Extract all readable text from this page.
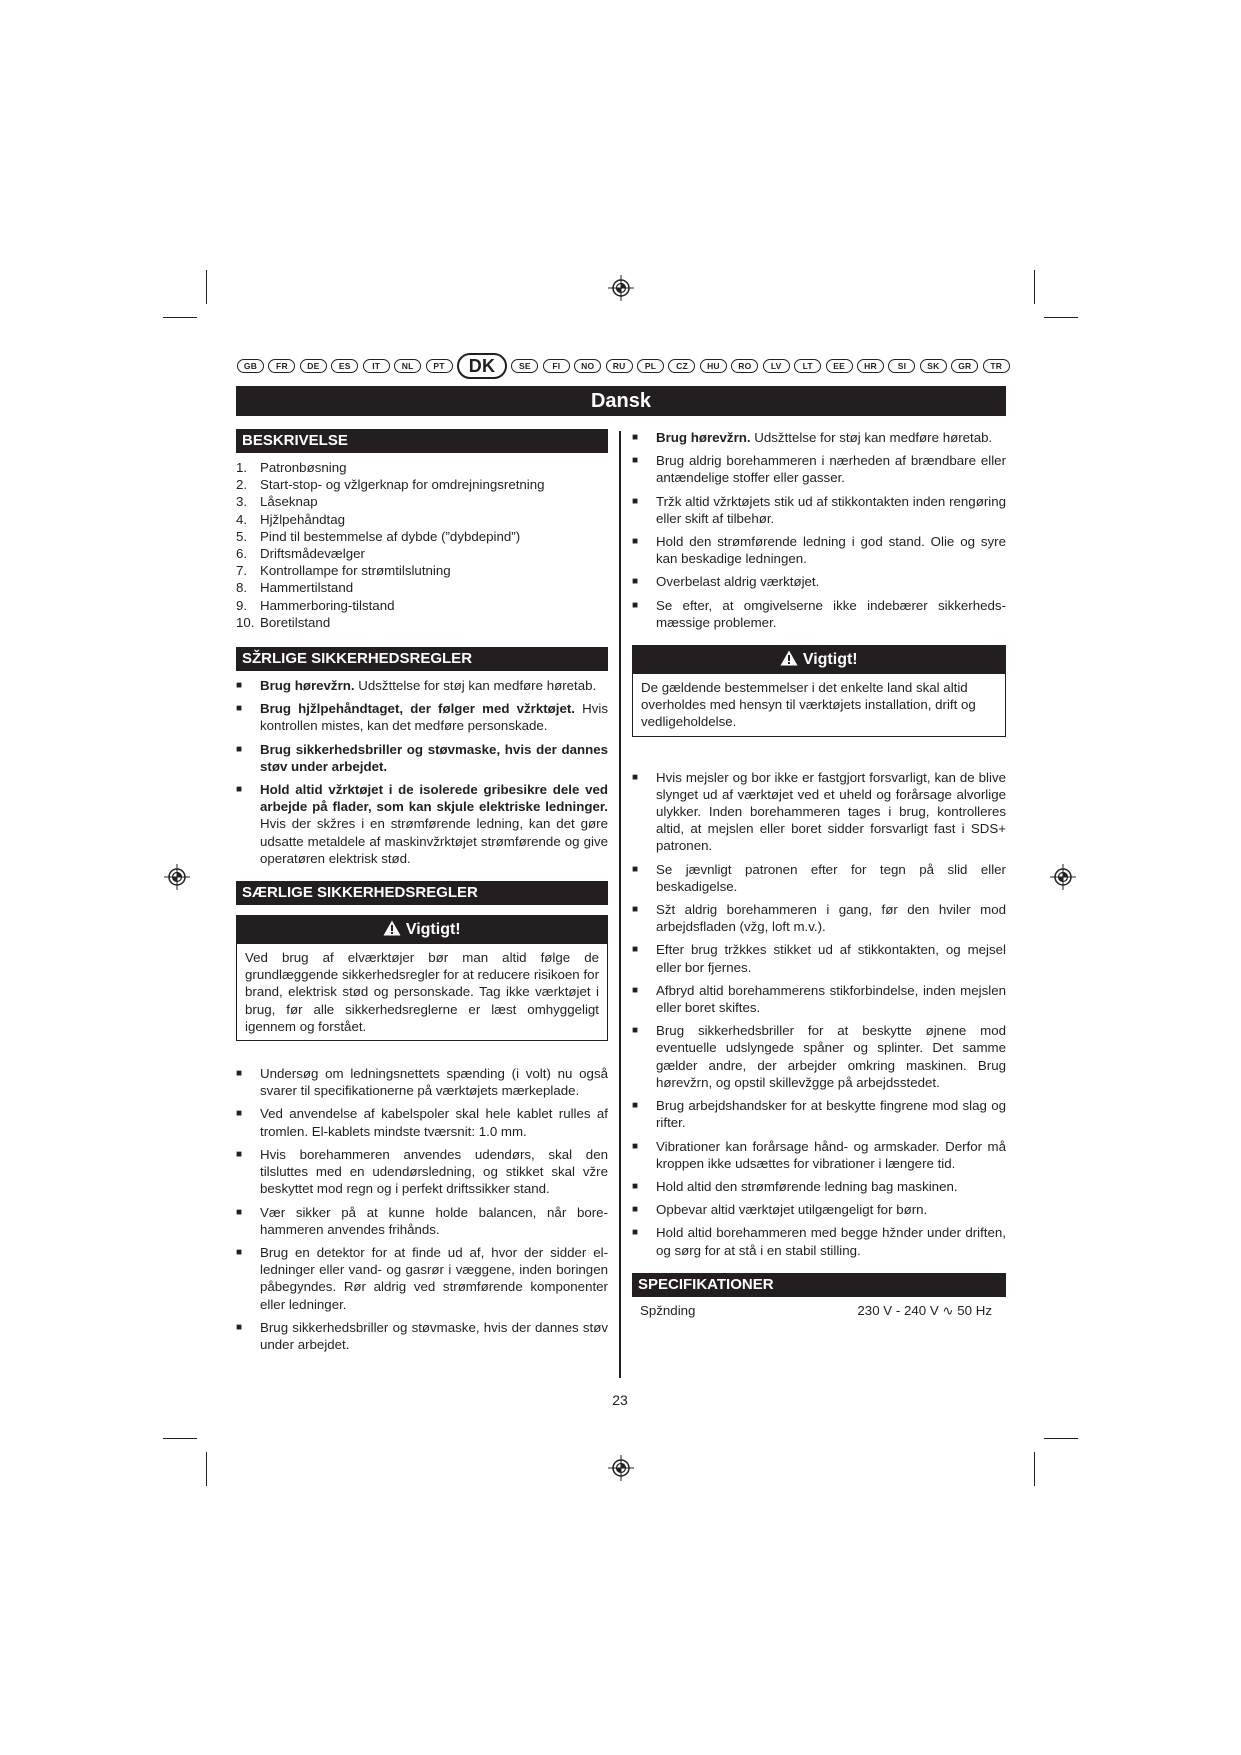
GB	FR	DE	ES	IT	NL	PT	DK	SE	FI	NO	RU	PL	CZ	HU	RO	LV	LT	EE	HR	SI	SK	GR	TR
Dansk
BESKRIVELSE
1. Patronbøsning
2. Start-stop- og vžlgerknap for omdrejningsretning
3. Låseknap
4. Hjžlpehåndtag
5. Pind til bestemmelse af dybde (”dybdepind”)
6. Driftsmådevælger
7. Kontrollampe for strømtilslutning
8. Hammertilstand
9. Hammerboring-tilstand
10. Boretilstand
SŽRLIGE SIKKERHEDSREGLER
■	Brug hørevžrn. Udsžttelse for støj kan medføre høretab.
■	Brug hjžlpehåndtaget, der følger med vžrktøjet. Hvis kontrollen mistes, kan det medføre personskade.
■	Brug sikkerhedsbriller og støvmaske, hvis der dannes støv under arbejdet.
■	Hold altid vžrktøjet i de isolerede gribesikre dele ved arbejde på flader, som kan skjule elektriske ledninger. Hvis der skžres i en strømførende ledning, kan det gøre udsatte metaldele af maskinvžrktøjet strømførende og give operatøren elektrisk stød.
SÆRLIGE SIKKERHEDSREGLER
Vigtigt!
Ved brug af elværktøjer bør man altid følge de grundlæggende sikkerhedsregler for at reducere risikoen for brand, elektrisk stød og personskade. Tag ikke værktøjet i brug, før alle sikkerhedsreglerne er læst omhyggeligt igennem og forstået.
■	Undersøg om ledningsnettets spænding (i volt) nu også svarer til specifikationerne på værktøjets mærkeplade.
■	Ved anvendelse af kabelspoler skal hele kablet rulles af tromlen. El-kablets mindste tværsnit: 1.0 mm.
■	Hvis borehammeren anvendes udendørs, skal den tilsluttes med en udendørsledning, og stikket skal vžre beskyttet mod regn og i perfekt driftssikker stand.
■	Vær sikker på at kunne holde balancen, når bore-hammeren anvendes frihånds.
■	Brug en detektor for at finde ud af, hvor der sidder el-ledninger eller vand- og gasrør i væggene, inden boringen påbegyndes. Rør aldrig ved strømførende komponenter eller ledninger.
■	Brug sikkerhedsbriller og støvmaske, hvis der dannes støv under arbejdet.
■	Brug hørevžrn. Udsžttelse for støj kan medføre høretab.
■	Brug aldrig borehammeren i nærheden af brændbare eller antændelige stoffer eller gasser.
■	Tržk altid vžrktøjets stik ud af stikkontakten inden rengøring eller skift af tilbehør.
■	Hold den strømførende ledning i god stand. Olie og syre kan beskadige ledningen.
■	Overbelast aldrig værktøjet.
■	Se efter, at omgivelserne ikke indebærer sikkerheds-mæssige problemer.
Vigtigt!
De gældende bestemmelser i det enkelte land skal altid overholdes med hensyn til værktøjets installation, drift og vedligeholdelse.
■	Hvis mejsler og bor ikke er fastgjort forsvarligt, kan de blive slynget ud af værktøjet ved et uheld og forårsage alvorlige ulykker. Inden borehammeren tages i brug, kontrolleres altid, at mejslen eller boret sidder forsvarligt fast i SDS+ patronen.
■	Se jævnligt patronen efter for tegn på slid eller beskadigelse.
■	Sžt aldrig borehammeren i gang, før den hviler mod arbejdsfladen (vžg, loft m.v.).
■	Efter brug tržkkes stikket ud af stikkontakten, og mejsel eller bor fjernes.
■	Afbryd altid borehammerens stikforbindelse, inden mejslen eller boret skiftes.
■	Brug sikkerhedsbriller for at beskytte øjnene mod eventuelle udslyngede spåner og splinter. Det samme gælder andre, der arbejder omkring maskinen. Brug hørevžrn, og opstil skillevžgge på arbejdsstedet.
■	Brug arbejdshandsker for at beskytte fingrene mod slag og rifter.
■	Vibrationer kan forårsage hånd- og armskader. Derfor må kroppen ikke udsættes for vibrationer i længere tid.
■	Hold altid den strømførende ledning bag maskinen.
■	Opbevar altid værktøjet utilgængeligt for børn.
■	Hold altid borehammeren med begge hžnder under driften, og sørg for at stå i en stabil stilling.
SPECIFIKATIONER
Spžnding	230 V - 240 V ∿ 50 Hz
23
